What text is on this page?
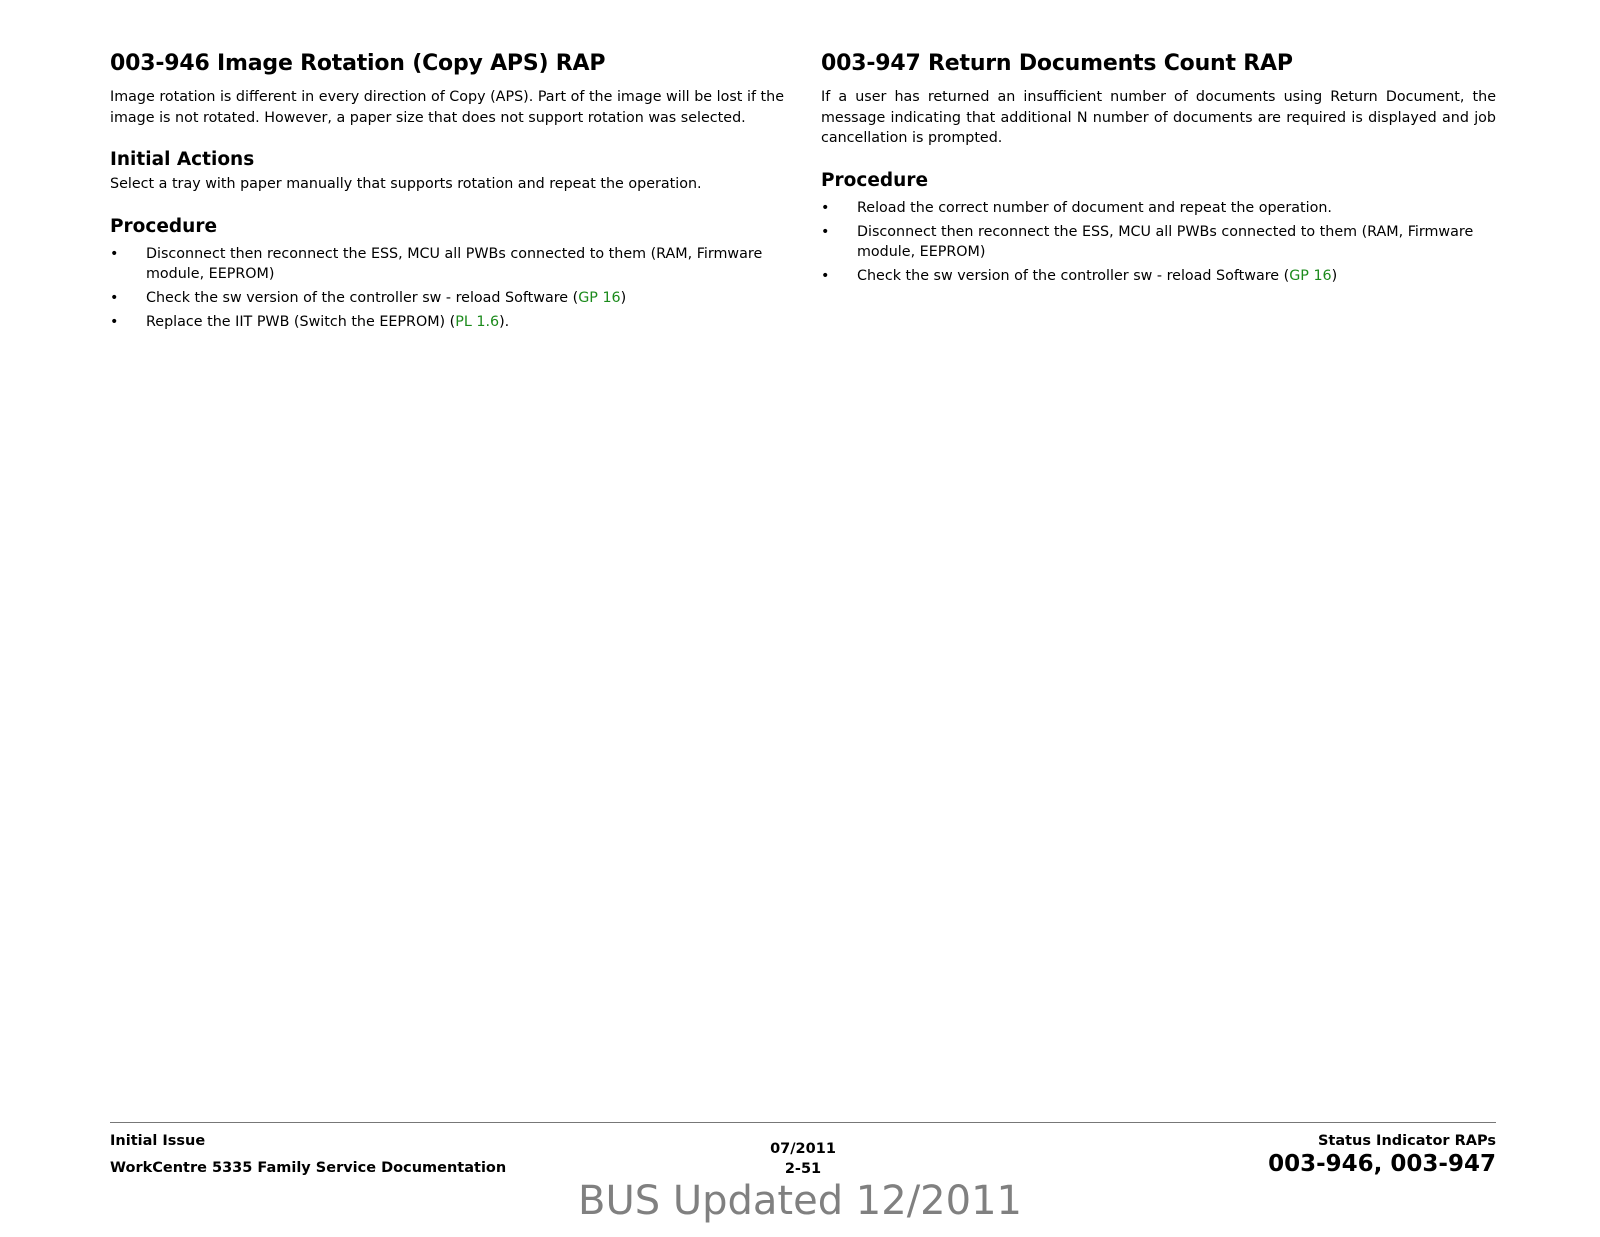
003-946 Image Rotation (Copy APS) RAP

Image rotation is different in every direction of Copy (APS). Part of the image will be lost if the image is not rotated. However, a paper size that does not support rotation was selected.

Initial Actions

Select a tray with paper manually that supports rotation and repeat the operation.

Procedure
• Disconnect then reconnect the ESS, MCU all PWBs connected to them (RAM, Firmware module, EEPROM)
• Check the sw version of the controller sw - reload Software (GP 16)
• Replace the IIT PWB (Switch the EEPROM) (PL 1.6).
003-947 Return Documents Count RAP

If a user has returned an insufficient number of documents using Return Document, the message indicating that additional N number of documents are required is displayed and job cancellation is prompted.

Procedure
• Reload the correct number of document and repeat the operation.
• Disconnect then reconnect the ESS, MCU all PWBs connected to them (RAM, Firmware module, EEPROM)
• Check the sw version of the controller sw - reload Software (GP 16)
Initial Issue
WorkCentre 5335 Family Service Documentation
07/2011
2-51
Status Indicator RAPs
003-946, 003-947
BUS Updated 12/2011
